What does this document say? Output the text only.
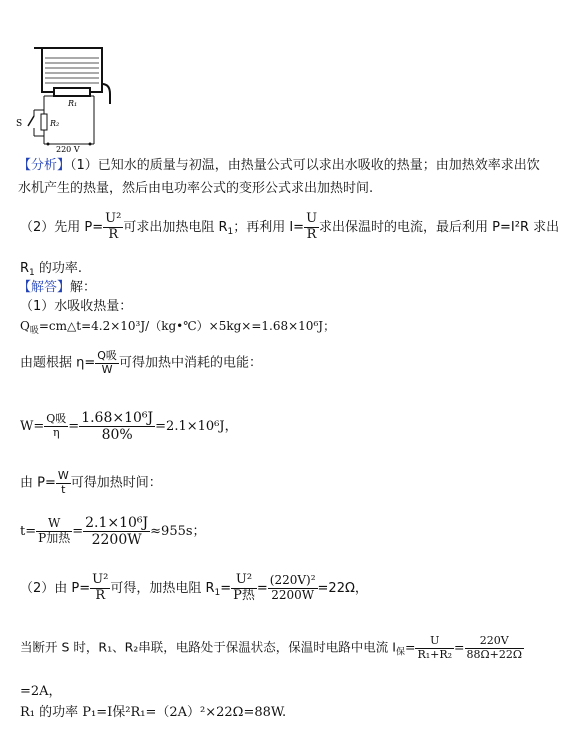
R₁
S	R₂
220 V
【分析】（1）已知水的质量与初温，由热量公式可以求出水吸收的热量；由加热效率求出饮
水机产生的热量，然后由电功率公式的变形公式求出加热时间.
（2）先用 $P= \frac{\text{U²}}{R}$ 可求出加热电阻 $R_1$；再利用 $I= \frac{U}{R}$ 求出保温时的电流，最后利用 P=I²R 求出
$R_1$ 的功率.
【解答】解：
（1）水吸收热量：
$Q_吸=cm\triangle t=4.2\times 10^3J/(kg•℃)\times 5kg\times=1.68\times 10^6J$；
由题根据 $\eta= \frac{\text{Q吸}}{W}$ 可得加热中消耗的电能：
$W= \frac{\text{Q吸}}{\eta} = \frac{\text{1.68×10⁶J}}{80\%} =2.1\times 10^6J$，
由 $P= \frac{W}{t}$ 可得加热时间：
$t= \frac{W}{\text{P加热}} = \frac{\text{2.1×10⁶J}}{2200W} \approx 955s$；
（2）由 $P= \frac{\text{U²}}{R}$ 可得，加热电阻 $R_1= \frac{\text{U²}}{\text{P热}} = \frac{\text{(220V)²}}{2200W} =22\Omega$，
当断开 S 时，R₁、R₂串联，电路处于保温状态，保温时电路中电流 $I_保= \frac{U}{\text{R₁+R₂}} = \frac{220V}{88\Omega+22\Omega}$
=2A，
R₁ 的功率 P₁=I保²R₁=（2A）²×22Ω=88W.
